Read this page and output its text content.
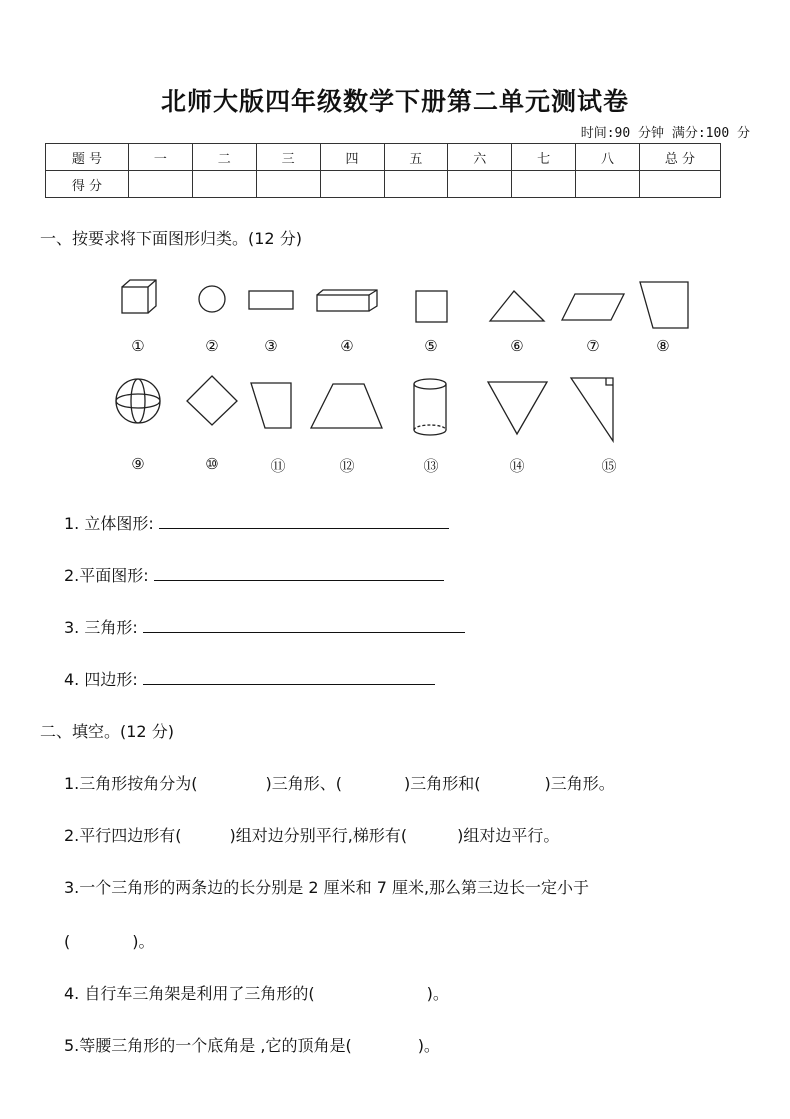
北师大版四年级数学下册第二单元测试卷
时间:90 分钟 满分:100 分
题 号	一	二	三	四	五	六	七	八	总 分
得 分									
一、按要求将下面图形归类。(12 分)
①	②	③	④	⑤	⑥	⑦	⑧
⑨	⑩	⑪	⑫	⑬	⑭	⑮
1. 立体图形:
2.平面图形:
3. 三角形:
4. 四边形:
二、填空。(12 分)
1.三角形按角分为(	)三角形、(	)三角形和(	)三角形。
2.平行四边形有(	)组对边分别平行,梯形有(	)组对边平行。
3.一个三角形的两条边的长分别是 2 厘米和 7 厘米,那么第三边长一定小于
(	)。
4. 自行车三角架是利用了三角形的(	)。
5.等腰三角形的一个底角是 ,它的顶角是(	)。
